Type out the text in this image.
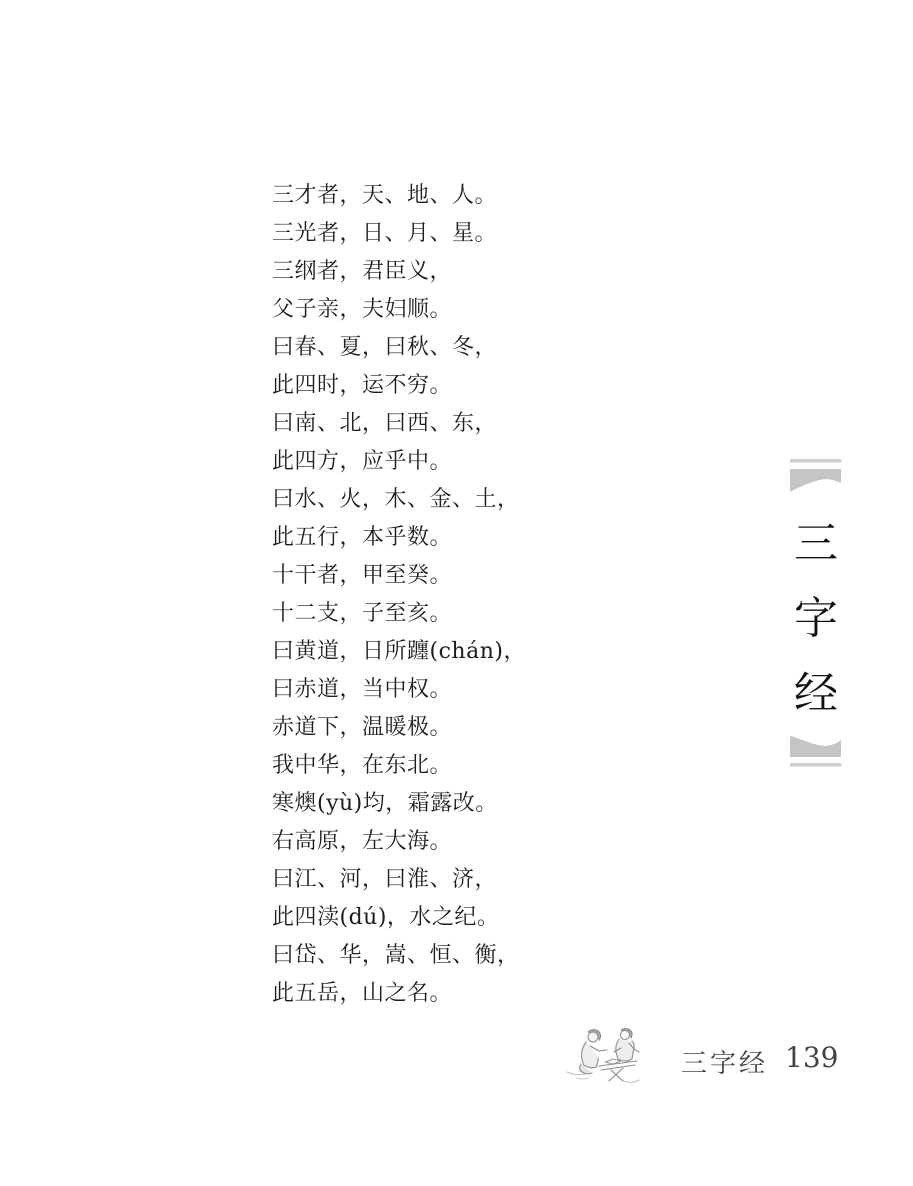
三才者，天、地、人。
三光者，日、月、星。
三纲者，君臣义，
父子亲，夫妇顺。
曰春、夏，曰秋、冬，
此四时，运不穷。
曰南、北，曰西、东，
此四方，应乎中。
曰水、火，木、金、土，
此五行，本乎数。
十干者，甲至癸。
十二支，子至亥。
曰黄道，日所躔(chán)，
曰赤道，当中权。
赤道下，温暖极。
我中华，在东北。
寒燠(yù)均，霜露改。
右高原，左大海。
曰江、河，曰淮、济，
此四渎(dú)，水之纪。
曰岱、华，嵩、恒、衡，
此五岳，山之名。
三
字
经
三字经 139
